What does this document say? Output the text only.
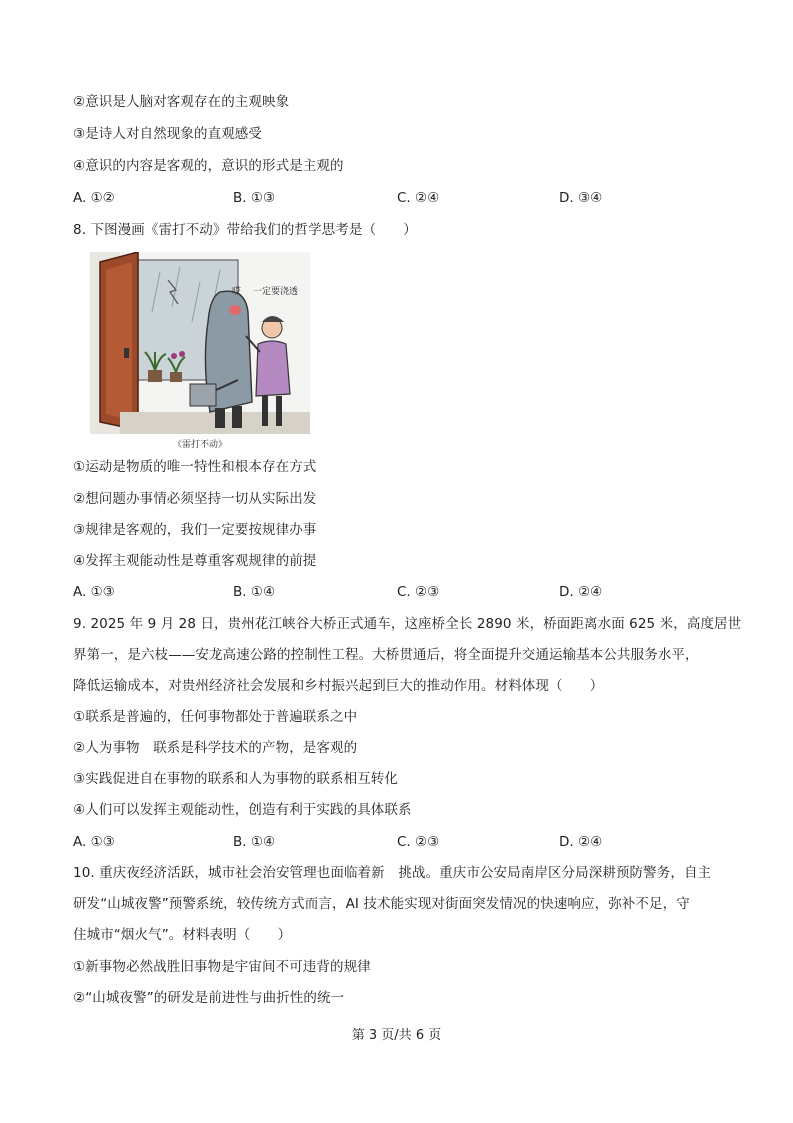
②意识是人脑对客观存在的主观映象
③是诗人对自然现象的直观感受
④意识的内容是客观的，意识的形式是主观的
A. ①②	B. ①③	C. ②④	D. ③④
8. 下图漫画《雷打不动》带给我们的哲学思考是（　　）
哎 一定要浇透
《雷打不动》
①运动是物质的唯一特性和根本存在方式
②想问题办事情必须坚持一切从实际出发
③规律是客观的，我们一定要按规律办事
④发挥主观能动性是尊重客观规律的前提
A. ①③	B. ①④	C. ②③	D. ②④
9. 2025 年 9 月 28 日，贵州花江峡谷大桥正式通车，这座桥全长 2890 米，桥面距离水面 625 米，高度居世
界第一，是六枝——安龙高速公路的控制性工程。大桥贯通后，将全面提升交通运输基本公共服务水平，
降低运输成本，对贵州经济社会发展和乡村振兴起到巨大的推动作用。材料体现（　　）
①联系是普遍的，任何事物都处于普遍联系之中
②人为事物　联系是科学技术的产物，是客观的
③实践促进自在事物的联系和人为事物的联系相互转化
④人们可以发挥主观能动性，创造有利于实践的具体联系
A. ①③	B. ①④	C. ②③	D. ②④
10. 重庆夜经济活跃，城市社会治安管理也面临着新　挑战。重庆市公安局南岸区分局深耕预防警务，自主
研发“山城夜警”预警系统，较传统方式而言，AI 技术能实现对街面突发情况的快速响应，弥补不足，守
住城市“烟火气”。材料表明（　　）
①新事物必然战胜旧事物是宇宙间不可违背的规律
②“山城夜警”的研发是前进性与曲折性的统一
第 3 页/共 6 页
